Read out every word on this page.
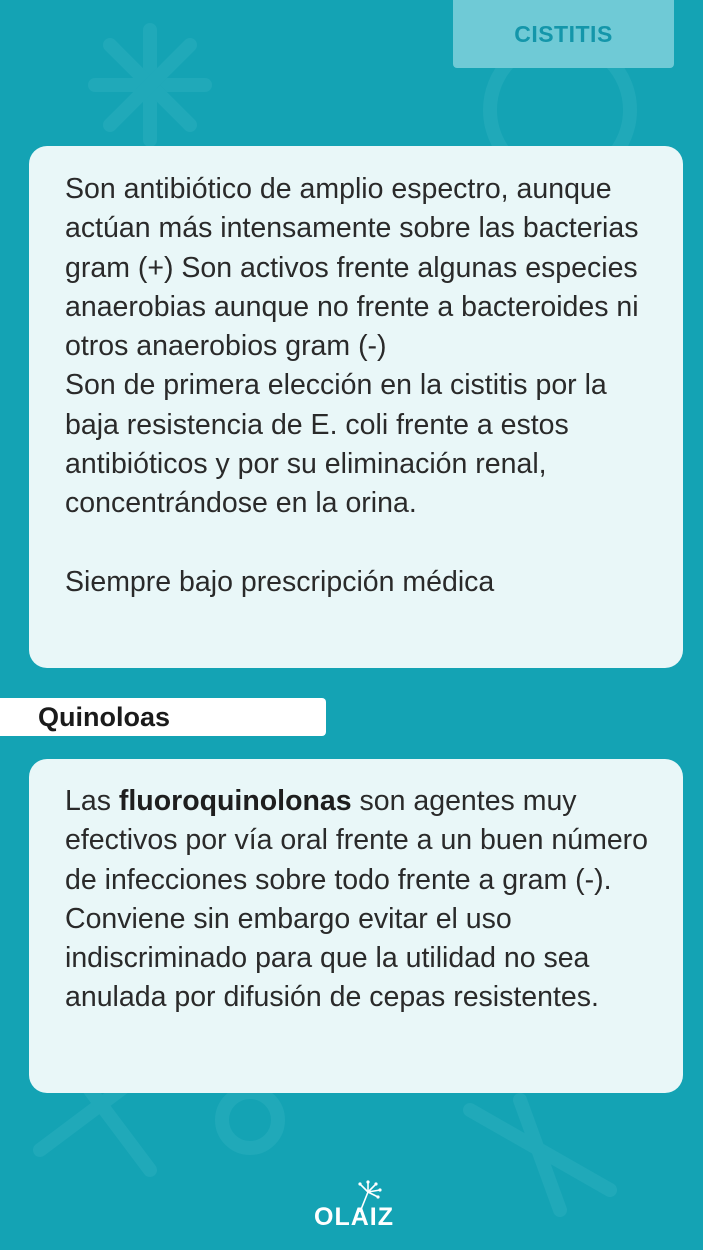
CISTITIS

Son antibiótico de amplio espectro, aunque actúan más intensamente sobre las bacterias gram (+) Son activos frente algunas especies anaerobias aunque no frente a bacteroides ni otros anaerobios gram (-)

Son de primera elección en la cistitis por la baja resistencia de E. coli frente a estos antibióticos y por su eliminación renal, concentrándose en la orina.

Siempre bajo prescripción médica

Quinoloas

Las fluoroquinolonas son agentes muy efectivos por vía oral frente a un buen número de infecciones sobre todo frente a gram (-). Conviene sin embargo evitar el uso indiscriminado para que la utilidad no sea anulada por difusión de cepas resistentes.

OLAIZ
